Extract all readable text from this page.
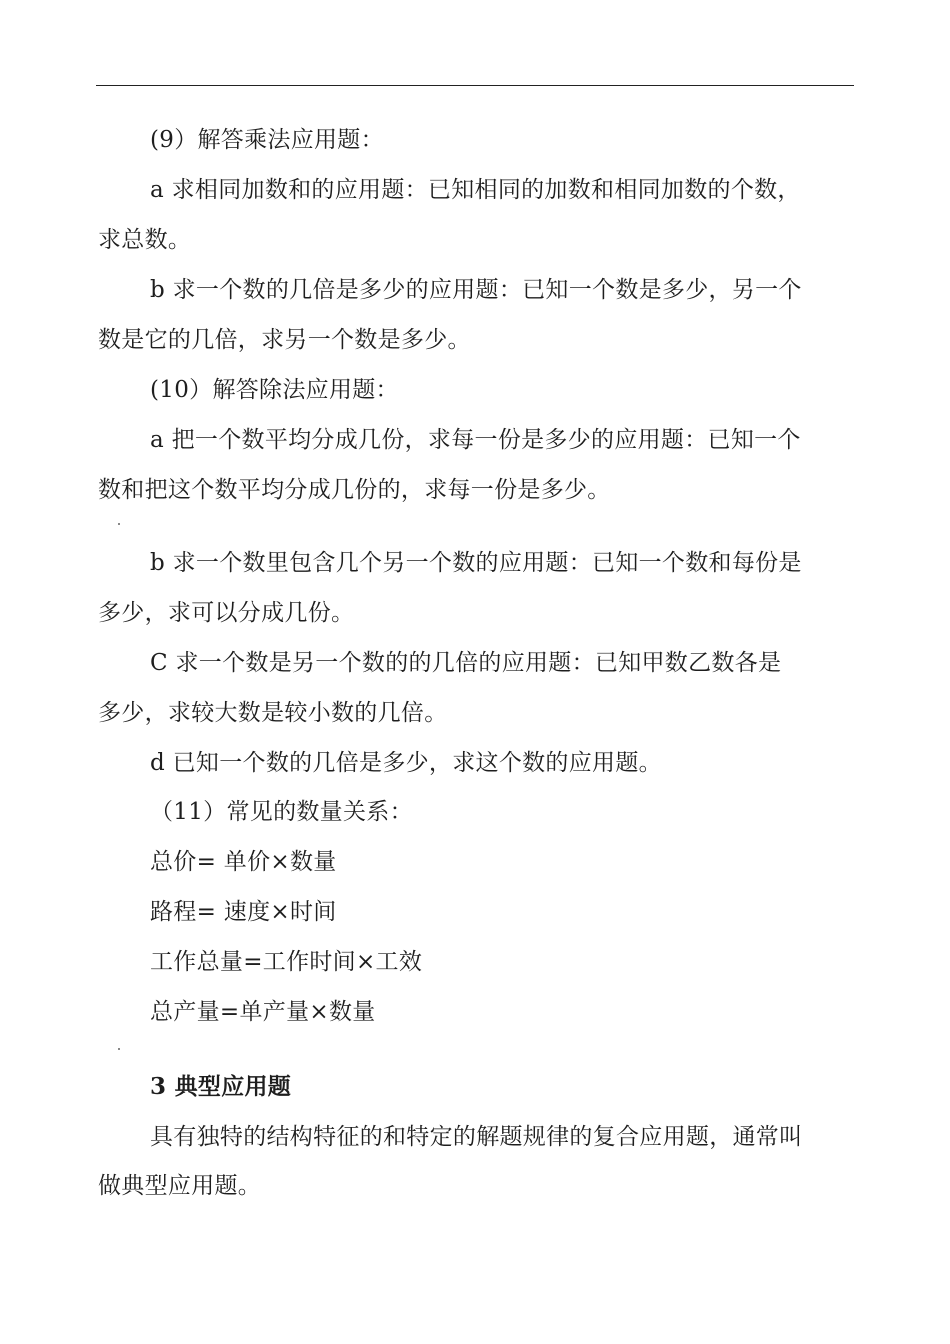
(9）解答乘法应用题：
a 求相同加数和的应用题：已知相同的加数和相同加数的个数，
求总数。
b 求一个数的几倍是多少的应用题：已知一个数是多少，另一个
数是它的几倍，求另一个数是多少。
(10）解答除法应用题：
a 把一个数平均分成几份，求每一份是多少的应用题：已知一个
数和把这个数平均分成几份的，求每一份是多少。
b 求一个数里包含几个另一个数的应用题：已知一个数和每份是
多少，求可以分成几份。
C 求一个数是另一个数的的几倍的应用题：已知甲数乙数各是
多少，求较大数是较小数的几倍。
d 已知一个数的几倍是多少，求这个数的应用题。
（11）常见的数量关系：
总价= 单价×数量
路程= 速度×时间
工作总量=工作时间×工效
总产量=单产量×数量
3 典型应用题
具有独特的结构特征的和特定的解题规律的复合应用题，通常叫
做典型应用题。
